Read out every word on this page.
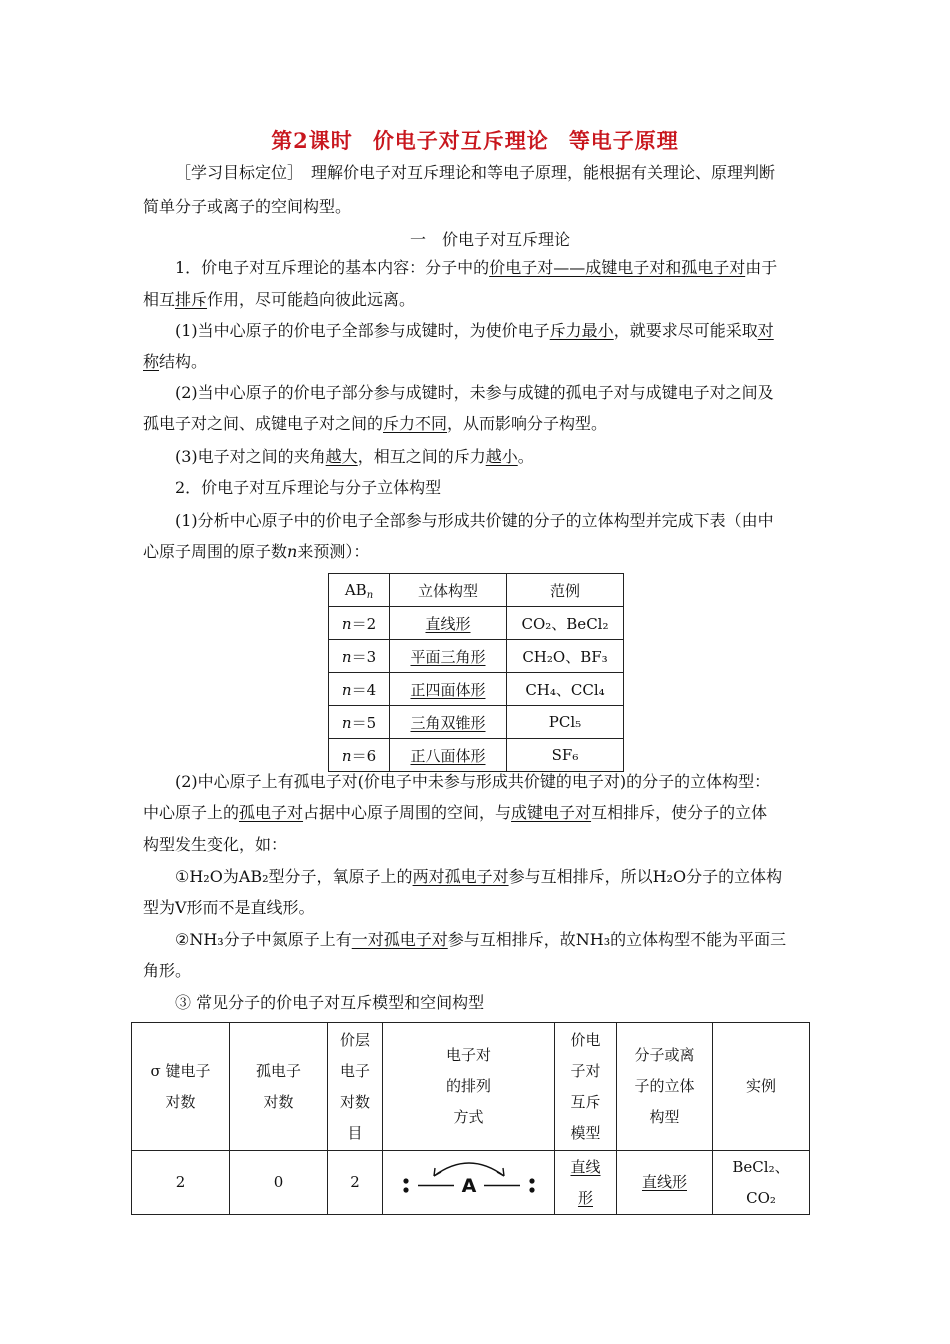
第2课时 价电子对互斥理论 等电子原理
［学习目标定位］　理解价电子对互斥理论和等电子原理，能根据有关理论、原理判断
简单分子或离子的空间构型。
一　价电子对互斥理论
1．价电子对互斥理论的基本内容：分子中的价电子对——成键电子对和孤电子对由于
相互排斥作用，尽可能趋向彼此远离。
(1)当中心原子的价电子全部参与成键时，为使价电子斥力最小，就要求尽可能采取对
称结构。
(2)当中心原子的价电子部分参与成键时，未参与成键的孤电子对与成键电子对之间及
孤电子对之间、成键电子对之间的斥力不同，从而影响分子构型。
(3)电子对之间的夹角越大，相互之间的斥力越小。
2．价电子对互斥理论与分子立体构型
(1)分析中心原子中的价电子全部参与形成共价键的分子的立体构型并完成下表（由中
心原子周围的原子数n来预测）：
$AB_n$	立体构型	范例
n＝2	直线形	CO₂、BeCl₂
n＝3	平面三角形	CH₂O、BF₃
n＝4	正四面体形	CH₄、CCl₄
n＝5	三角双锥形	PCl₅
n＝6	正八面体形	SF₆
(2)中心原子上有孤电子对(价电子中未参与形成共价键的电子对)的分子的立体构型：
中心原子上的孤电子对占据中心原子周围的空间，与成键电子对互相排斥，使分子的立体
构型发生变化，如：
①H₂O为AB₂型分子，氧原子上的两对孤电子对参与互相排斥，所以H₂O分子的立体构
型为V形而不是直线形。
②NH₃分子中氮原子上有一对孤电子对参与互相排斥，故NH₃的立体构型不能为平面三
角形。
③ 常见分子的价电子对互斥模型和空间构型
σ 键电子对数	孤电子对数	价层电子对数目	电子对的排列方式	价电子对互斥模型	分子或离子的立体构型	实例
2	0	2	A	直线形	直线形	BeCl₂、CO₂
